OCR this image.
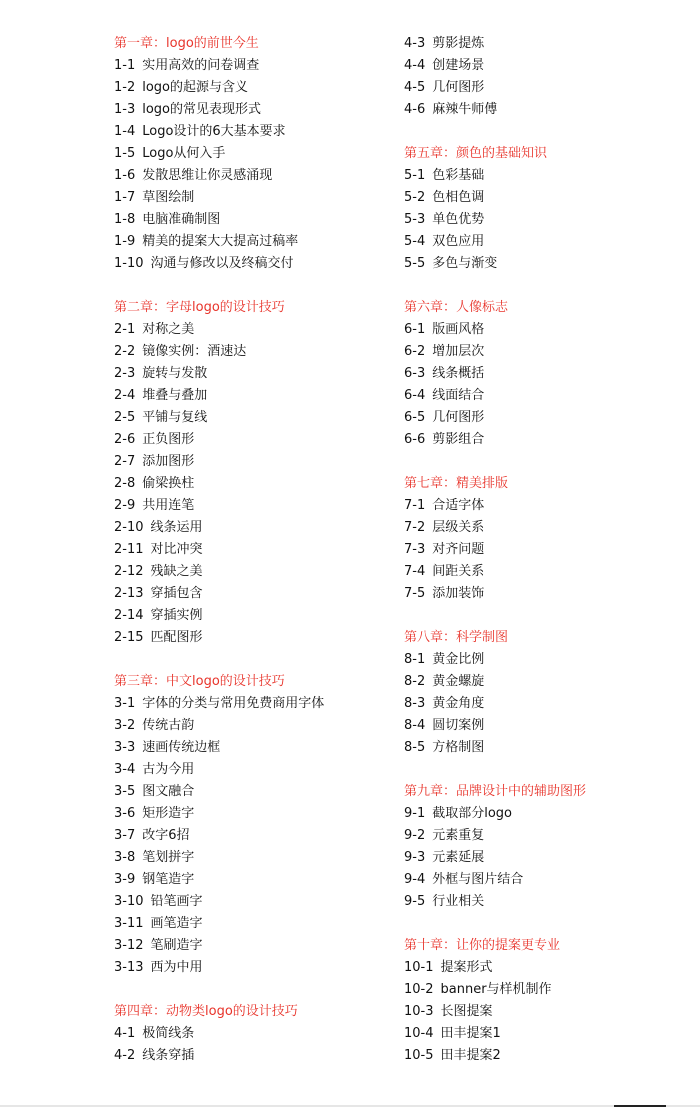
第一章：logo的前世今生
1-1 实用高效的问卷调查
1-2 logo的起源与含义
1-3 logo的常见表现形式
1-4 Logo设计的6大基本要求
1-5 Logo从何入手
1-6 发散思维让你灵感涌现
1-7 草图绘制
1-8 电脑准确制图
1-9 精美的提案大大提高过稿率
1-10 沟通与修改以及终稿交付
第二章：字母logo的设计技巧
2-1 对称之美
2-2 镜像实例：酒速达
2-3 旋转与发散
2-4 堆叠与叠加
2-5 平铺与复线
2-6 正负图形
2-7 添加图形
2-8 偷梁换柱
2-9 共用连笔
2-10 线条运用
2-11 对比冲突
2-12 残缺之美
2-13 穿插包含
2-14 穿插实例
2-15 匹配图形
第三章：中文logo的设计技巧
3-1 字体的分类与常用免费商用字体
3-2 传统古韵
3-3 速画传统边框
3-4 古为今用
3-5 图文融合
3-6 矩形造字
3-7 改字6招
3-8 笔划拼字
3-9 钢笔造字
3-10 铅笔画字
3-11 画笔造字
3-12 笔刷造字
3-13 西为中用
第四章：动物类logo的设计技巧
4-1 极简线条
4-2 线条穿插
4-3 剪影提炼
4-4 创建场景
4-5 几何图形
4-6 麻辣牛师傅
第五章：颜色的基础知识
5-1 色彩基础
5-2 色相色调
5-3 单色优势
5-4 双色应用
5-5 多色与渐变
第六章：人像标志
6-1 版画风格
6-2 增加层次
6-3 线条概括
6-4 线面结合
6-5 几何图形
6-6 剪影组合
第七章：精美排版
7-1 合适字体
7-2 层级关系
7-3 对齐问题
7-4 间距关系
7-5 添加装饰
第八章：科学制图
8-1 黄金比例
8-2 黄金螺旋
8-3 黄金角度
8-4 圆切案例
8-5 方格制图
第九章：品牌设计中的辅助图形
9-1 截取部分logo
9-2 元素重复
9-3 元素延展
9-4 外框与图片结合
9-5 行业相关
第十章：让你的提案更专业
10-1 提案形式
10-2 banner与样机制作
10-3 长图提案
10-4 田丰提案1
10-5 田丰提案2
